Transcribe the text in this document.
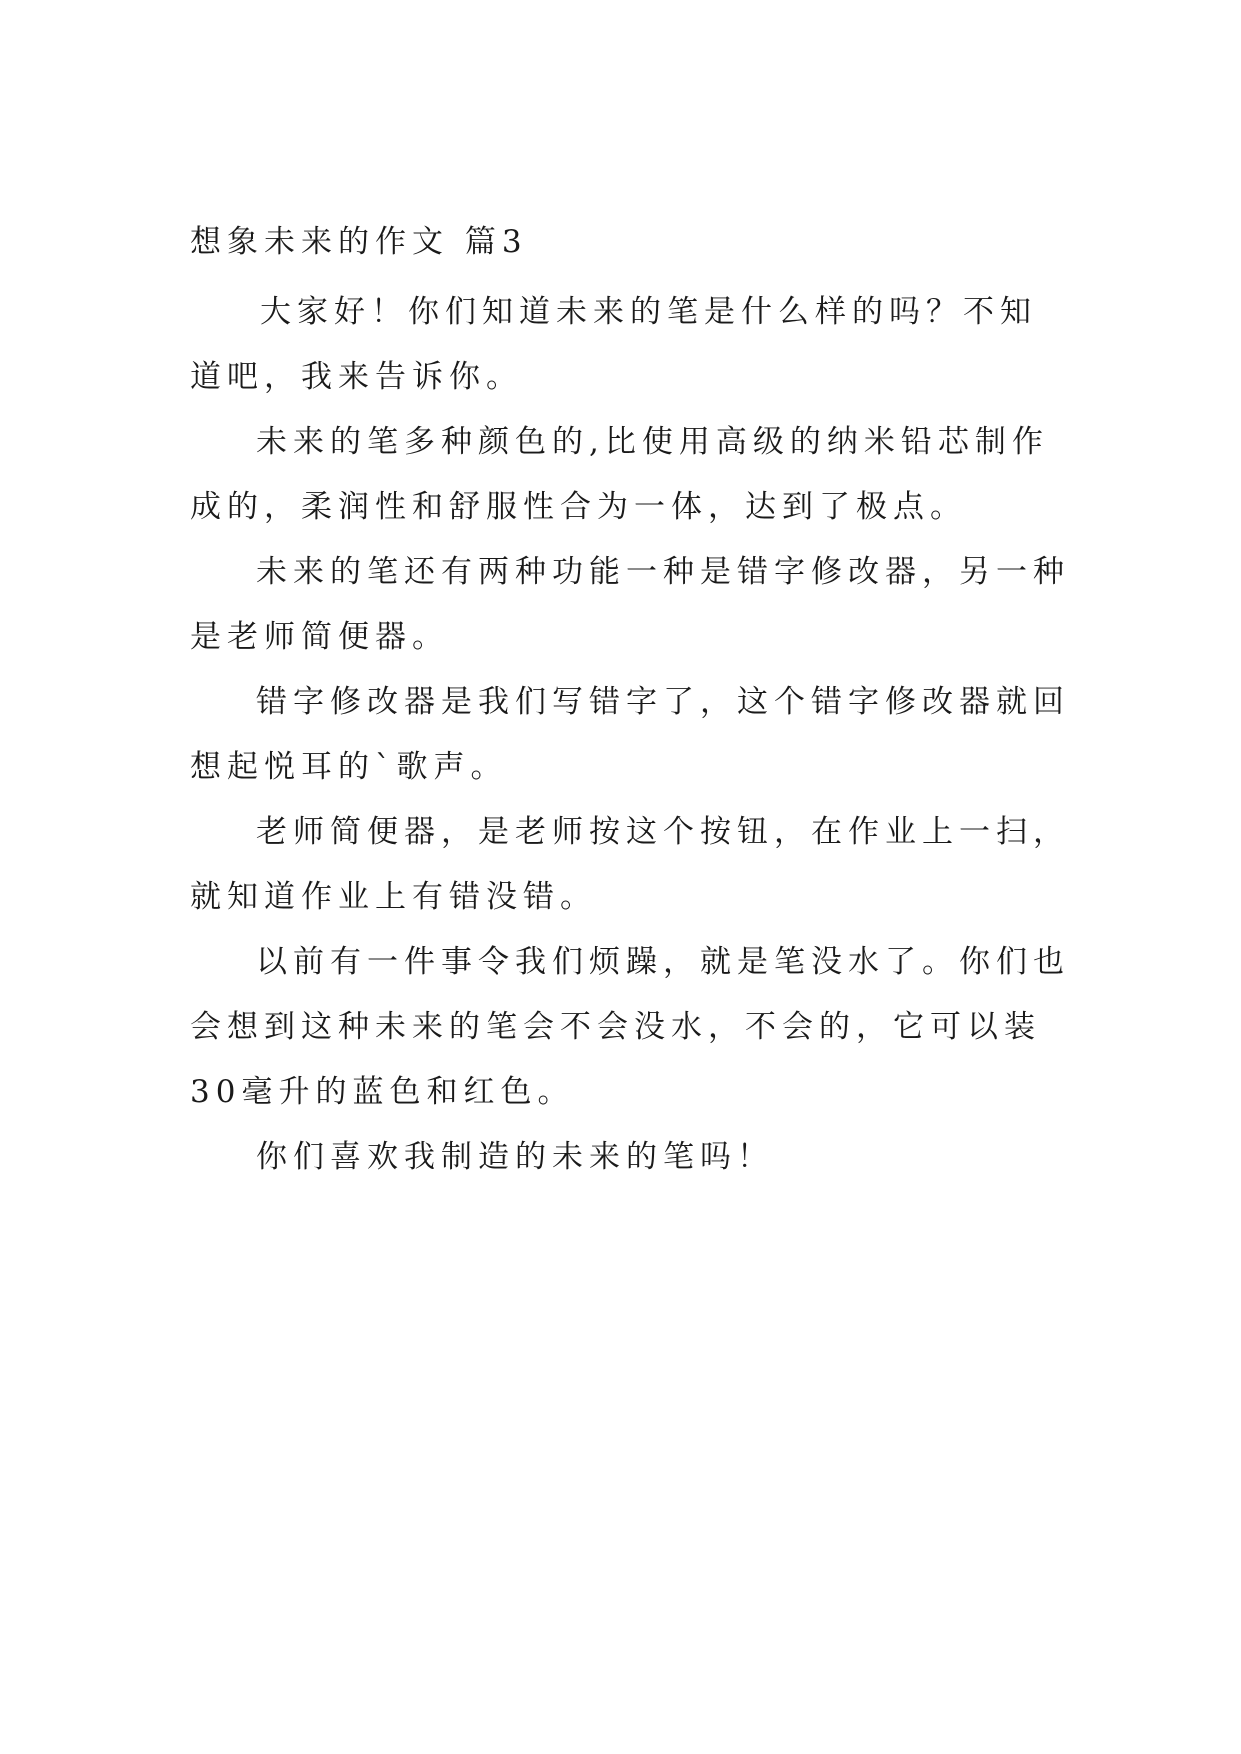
想象未来的作文 篇3

大家好！你们知道未来的笔是什么样的吗？不知道吧，我来告诉你。

未来的笔多种颜色的,比使用高级的纳米铅芯制作成的，柔润性和舒服性合为一体，达到了极点。

未来的笔还有两种功能一种是错字修改器，另一种是老师简便器。

错字修改器是我们写错字了，这个错字修改器就回想起悦耳的`歌声。

老师简便器，是老师按这个按钮，在作业上一扫，就知道作业上有错没错。

以前有一件事令我们烦躁，就是笔没水了。你们也会想到这种未来的笔会不会没水，不会的，它可以装30毫升的蓝色和红色。

你们喜欢我制造的未来的笔吗！
